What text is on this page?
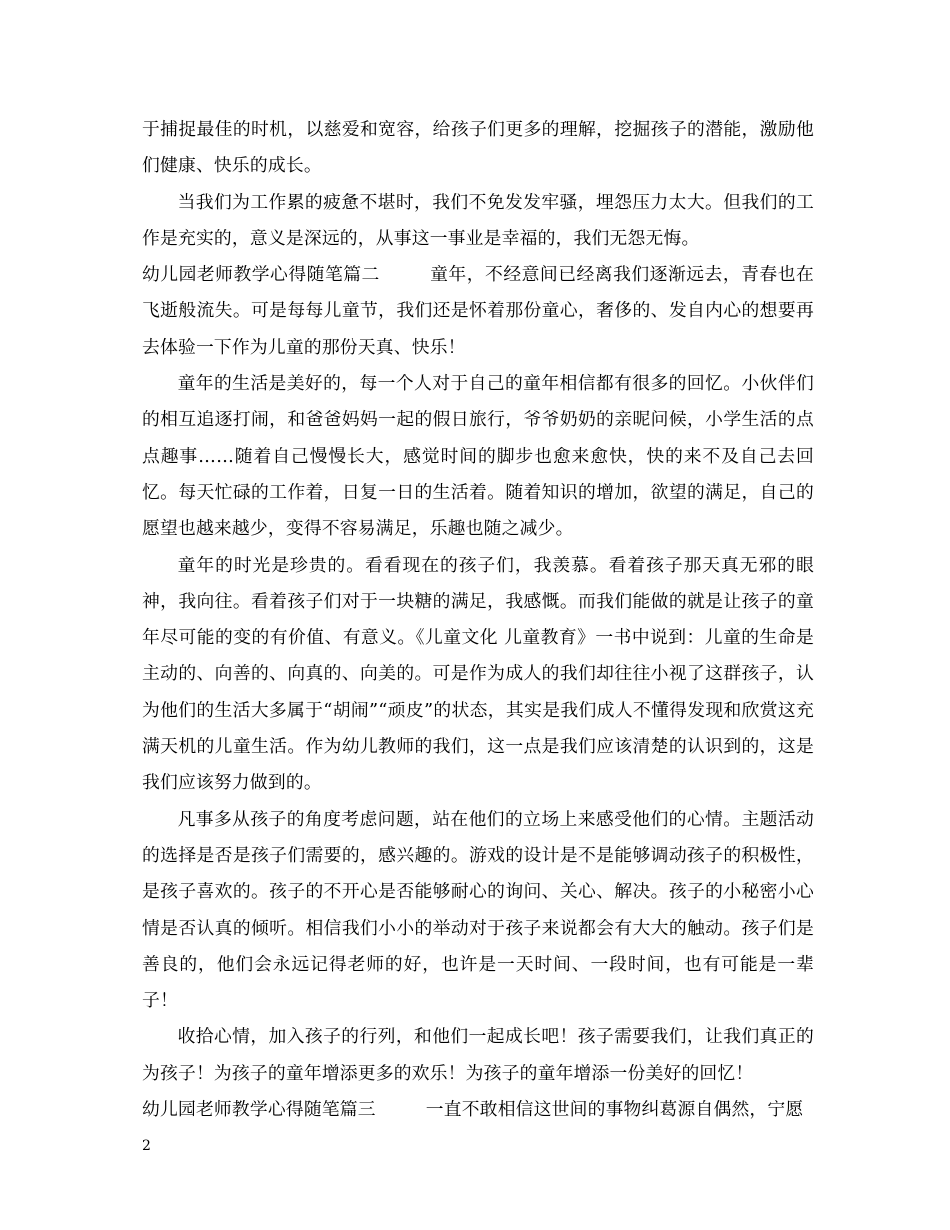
于捕捉最佳的时机，以慈爱和宽容，给孩子们更多的理解，挖掘孩子的潜能，激励他们健康、快乐的成长。

当我们为工作累的疲惫不堪时，我们不免发发牢骚，埋怨压力太大。但我们的工作是充实的，意义是深远的，从事这一事业是幸福的，我们无怨无悔。

幼儿园老师教学心得随笔篇二	童年，不经意间已经离我们逐渐远去，青春也在飞逝般流失。可是每每儿童节，我们还是怀着那份童心，奢侈的、发自内心的想要再去体验一下作为儿童的那份天真、快乐！

童年的生活是美好的，每一个人对于自己的童年相信都有很多的回忆。小伙伴们的相互追逐打闹，和爸爸妈妈一起的假日旅行，爷爷奶奶的亲昵问候，小学生活的点点趣事……随着自己慢慢长大，感觉时间的脚步也愈来愈快，快的来不及自己去回忆。每天忙碌的工作着，日复一日的生活着。随着知识的增加，欲望的满足，自己的愿望也越来越少，变得不容易满足，乐趣也随之减少。

童年的时光是珍贵的。看看现在的孩子们，我羡慕。看着孩子那天真无邪的眼神，我向往。看着孩子们对于一块糖的满足，我感慨。而我们能做的就是让孩子的童年尽可能的变的有价值、有意义。《儿童文化 儿童教育》一书中说到：儿童的生命是主动的、向善的、向真的、向美的。可是作为成人的我们却往往小视了这群孩子，认为他们的生活大多属于“胡闹”“顽皮”的状态，其实是我们成人不懂得发现和欣赏这充满天机的儿童生活。作为幼儿教师的我们，这一点是我们应该清楚的认识到的，这是我们应该努力做到的。

凡事多从孩子的角度考虑问题，站在他们的立场上来感受他们的心情。主题活动的选择是否是孩子们需要的，感兴趣的。游戏的设计是不是能够调动孩子的积极性，是孩子喜欢的。孩子的不开心是否能够耐心的询问、关心、解决。孩子的小秘密小心情是否认真的倾听。相信我们小小的举动对于孩子来说都会有大大的触动。孩子们是善良的，他们会永远记得老师的好，也许是一天时间、一段时间，也有可能是一辈子！

收拾心情，加入孩子的行列，和他们一起成长吧！孩子需要我们，让我们真正的为孩子！为孩子的童年增添更多的欢乐！为孩子的童年增添一份美好的回忆！

幼儿园老师教学心得随笔篇三	一直不敢相信这世间的事物纠葛源自偶然，宁愿

2
